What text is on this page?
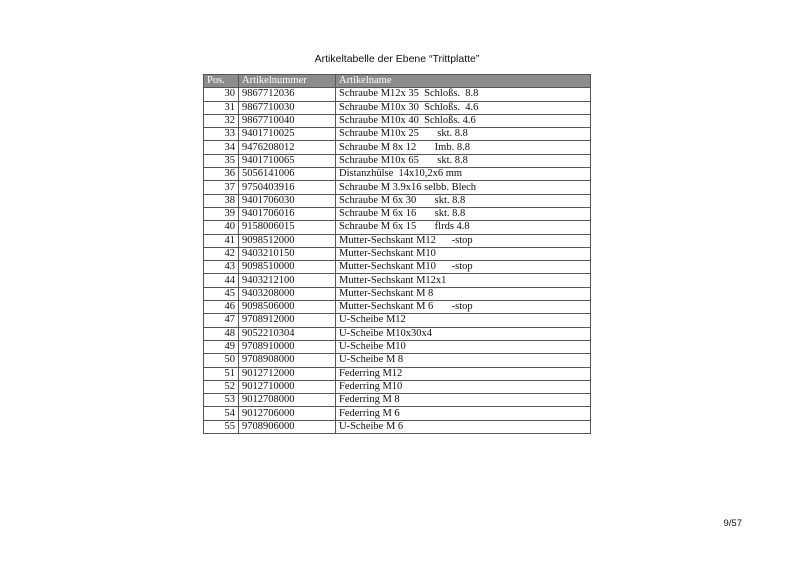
Artikeltabelle der Ebene “Trittplatte”
Pos.	Artikelnummer	Artikelname
30	9867712036	Schraube M12x 35  Schloßs.  8.8
31	9867710030	Schraube M10x 30  Schloßs.  4.6
32	9867710040	Schraube M10x 40  Schloßs. 4.6
33	9401710025	Schraube M10x 25       skt. 8.8
34	9476208012	Schraube M 8x 12       Imb. 8.8
35	9401710065	Schraube M10x 65       skt. 8.8
36	5056141006	Distanzhülse  14x10,2x6 mm
37	9750403916	Schraube M 3.9x16 selbb. Blech
38	9401706030	Schraube M 6x 30       skt. 8.8
39	9401706016	Schraube M 6x 16       skt. 8.8
40	9158006015	Schraube M 6x 15       flrds 4.8
41	9098512000	Mutter-Sechskant M12      -stop
42	9403210150	Mutter-Sechskant M10
43	9098510000	Mutter-Sechskant M10      -stop
44	9403212100	Mutter-Sechskant M12x1
45	9403208000	Mutter-Sechskant M 8
46	9098506000	Mutter-Sechskant M 6       -stop
47	9708912000	U-Scheibe M12
48	9052210304	U-Scheibe M10x30x4
49	9708910000	U-Scheibe M10
50	9708908000	U-Scheibe M 8
51	9012712000	Federring M12
52	9012710000	Federring M10
53	9012708000	Federring M 8
54	9012706000	Federring M 6
55	9708906000	U-Scheibe M 6
9/57
